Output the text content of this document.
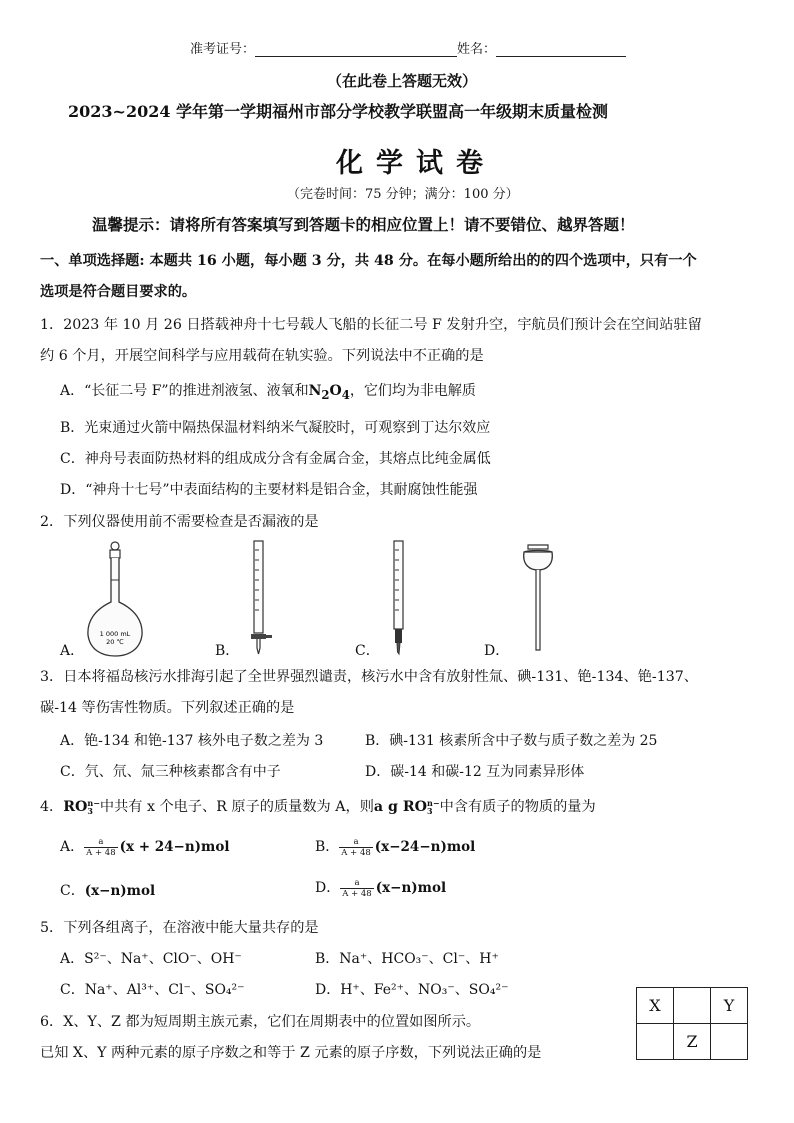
准考证号：	姓名：
（在此卷上答题无效）
2023~2024 学年第一学期福州市部分学校教学联盟高一年级期末质量检测
化学试卷
（完卷时间：75 分钟；满分：100 分）
温馨提示：请将所有答案填写到答题卡的相应位置上！请不要错位、越界答题！
一、单项选择题: 本题共 16 小题，每小题 3 分，共 48 分。在每小题所给出的的四个选项中，只有一个
选项是符合题目要求的。
1．2023 年 10 月 26 日搭载神舟十七号载人飞船的长征二号 F 发射升空，宇航员们预计会在空间站驻留
约 6 个月，开展空间科学与应用载荷在轨实验。下列说法中不正确的是
A．“长征二号 F”的推进剂液氢、液氧和$N_2O_4$，它们均为非电解质
B．光束通过火箭中隔热保温材料纳米气凝胶时，可观察到丁达尔效应
C．神舟号表面防热材料的组成成分含有金属合金，其熔点比纯金属低
D．“神舟十七号”中表面结构的主要材料是铝合金，其耐腐蚀性能强
2．下列仪器使用前不需要检查是否漏液的是
1 000 mL
20 ℃
A．	B．	C．	D．
3．日本将福岛核污水排海引起了全世界强烈谴责，核污水中含有放射性氚、碘-131、铯-134、铯-137、
碳-14 等伤害性物质。下列叙述正确的是
A．铯-134 和铯-137 核外电子数之差为 3	B．碘-131 核素所含中子数与质子数之差为 25
C．氕、氘、氚三种核素都含有中子	D．碳-14 和碳-12 互为同素异形体
4．RO n−
3 中共有 x 个电子、R 原子的质量数为 A，则a g RO n−
3 中含有质子的物质的量为
A． $\frac{a}{A + 48} (x + 24-n)mol$	B． $\frac{a}{A + 48} (x-24-n)mol$
C．(x−n)mol	D． $\frac{a}{A + 48} (x-n)mol$
5．下列各组离子，在溶液中能大量共存的是
A．S²⁻、Na⁺、ClO⁻、OH⁻	B．Na⁺、HCO₃⁻、Cl⁻、H⁺
C．Na⁺、Al³⁺、Cl⁻、SO₄²⁻	D．H⁺、Fe²⁺、NO₃⁻、SO₄²⁻
6．X、Y、Z 都为短周期主族元素，它们在周期表中的位置如图所示。
已知 X、Y 两种元素的原子序数之和等于 Z 元素的原子序数，下列说法正确的是
X		Y
	Z	
